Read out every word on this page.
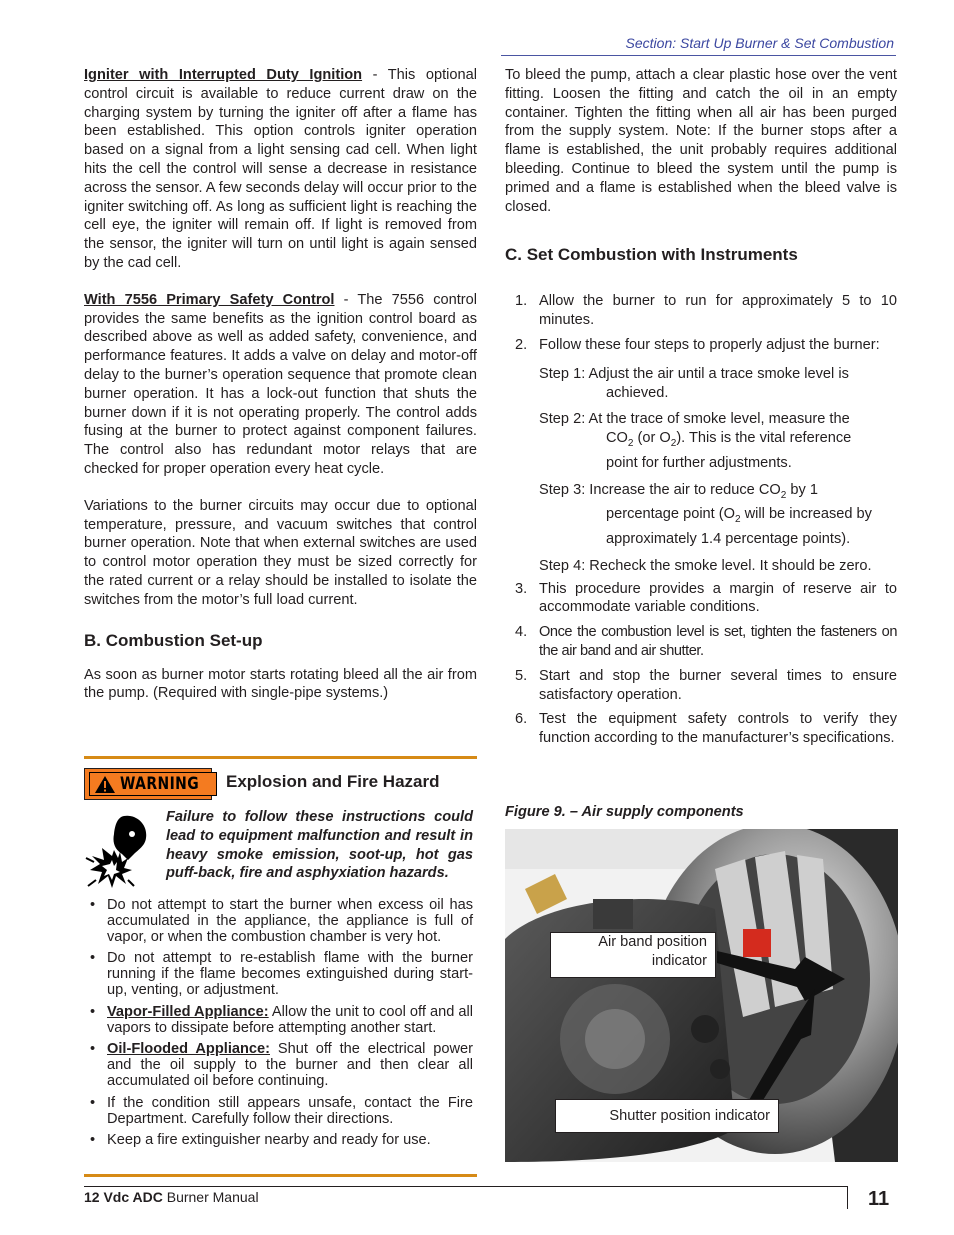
Section: Start Up Burner & Set Combustion

Igniter with Interrupted Duty Ignition - This optional control circuit is available to reduce current draw on the charging system by turning the igniter off after a flame has been established. This option controls igniter operation based on a signal from a light sensing cad cell. When light hits the cell the control will sense a decrease in resistance across the sensor. A few seconds delay will occur prior to the igniter switching off. As long as sufficient light is reaching the cell eye, the igniter will remain off. If light is removed from the sensor, the igniter will turn on until light is again sensed by the cad cell.

With 7556 Primary Safety Control - The 7556 control provides the same benefits as the ignition control board as described above as well as added safety, convenience, and performance features. It adds a valve on delay and motor-off delay to the burner’s operation sequence that promote clean burner operation. It has a lock-out function that shuts the burner down if it is not operating properly. The control adds fusing at the burner to protect against component failures. The control also has redundant motor relays that are checked for proper operation every heat cycle.

Variations to the burner circuits may occur due to optional temperature, pressure, and vacuum switches that control burner operation. Note that when external switches are used to control motor operation they must be sized correctly for the rated current or a relay should be installed to isolate the switches from the motor’s full load current.

B. Combustion Set-up

As soon as burner motor starts rotating bleed all the air from the pump. (Required with single-pipe systems.)

WARNING Explosion and Fire Hazard
Failure to follow these instructions could lead to equipment malfunction and result in heavy smoke emission, soot-up, hot gas puff-back, fire and asphyxiation hazards.
• Do not attempt to start the burner when excess oil has accumulated in the appliance, the appliance is full of vapor, or when the combustion chamber is very hot.
• Do not attempt to re-establish flame with the burner running if the flame becomes extinguished during start-up, venting, or adjustment.
• Vapor-Filled Appliance: Allow the unit to cool off and all vapors to dissipate before attempting another start.
• Oil-Flooded Appliance: Shut off the electrical power and the oil supply to the burner and then clear all accumulated oil before continuing.
• If the condition still appears unsafe, contact the Fire Department. Carefully follow their directions.
• Keep a fire extinguisher nearby and ready for use.

To bleed the pump, attach a clear plastic hose over the vent fitting. Loosen the fitting and catch the oil in an empty container. Tighten the fitting when all air has been purged from the supply system. Note: If the burner stops after a flame is established, the unit probably requires additional bleeding. Continue to bleed the system until the pump is primed and a flame is established when the bleed valve is closed.

C. Set Combustion with Instruments
1. Allow the burner to run for approximately 5 to 10 minutes.
2. Follow these four steps to properly adjust the burner:
Step 1: Adjust the air until a trace smoke level is
achieved.
Step 2: At the trace of smoke level, measure the
$CO_2$ (or $O_2$). This is the vital reference
point for further adjustments.
Step 3: Increase the air to reduce $CO_2$ by 1
percentage point ($O_2$ will be increased by
approximately 1.4 percentage points).
Step 4: Recheck the smoke level. It should be zero.
3. This procedure provides a margin of reserve air to accommodate variable conditions.
4. Once the combustion level is set, tighten the fasteners on the air band and air shutter.
5. Start and stop the burner several times to ensure satisfactory operation.
6. Test the equipment safety controls to verify they function according to the manufacturer’s specifications.
Figure 9. – Air supply components
Air band position
indicator
Shutter position indicator
12 Vdc ADC Burner Manual	11
